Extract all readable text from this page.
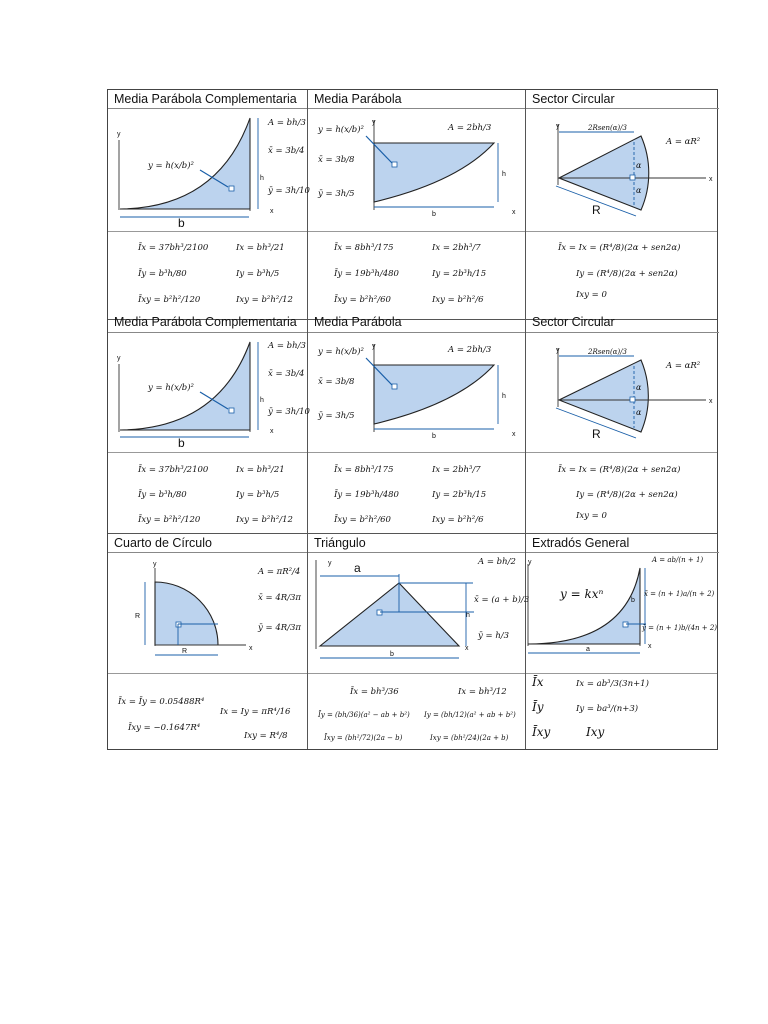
Media Parábola Complementaria
y
y = h(x/b)²
b
h
x
A = bh/3
x̄ = 3b/4
ȳ = 3h/10
Īx = 37bh³/2100	Ix = bh³/21
Īy = b³h/80	Iy = b³h/5
Īxy = b²h²/120	Ixy = b²h²/12
Media Parábola
y
y = h(x/b)²
h
b	x
A = 2bh/3
x̄ = 3b/8
ȳ = 3h/5
Īx = 8bh³/175	Ix = 2bh³/7
Īy = 19b³h/480	Iy = 2b³h/15
Īxy = b²h²/60	Ixy = b²h²/6
Sector Circular
y
x
2Rsen(α)/3
α
α
R
A = αR²
Īx = Ix = (R⁴/8)(2α + sen2α)
Iy = (R⁴/8)(2α + sen2α)
Ixy = 0
Media Parábola Complementaria
y
y = h(x/b)²
b
h
x
A = bh/3
x̄ = 3b/4
ȳ = 3h/10
Īx = 37bh³/2100	Ix = bh³/21
Īy = b³h/80	Iy = b³h/5
Īxy = b²h²/120	Ixy = b²h²/12
Media Parábola
y
y = h(x/b)²
h
b	x
A = 2bh/3
x̄ = 3b/8
ȳ = 3h/5
Īx = 8bh³/175	Ix = 2bh³/7
Īy = 19b³h/480	Iy = 2b³h/15
Īxy = b²h²/60	Ixy = b²h²/6
Sector Circular
y
x
2Rsen(α)/3
α
α
R
A = αR²
Īx = Ix = (R⁴/8)(2α + sen2α)
Iy = (R⁴/8)(2α + sen2α)
Ixy = 0
Cuarto de Círculo
y
x
R
R
A = πR²/4
x̄ = 4R/3π
ȳ = 4R/3π
Īx = Īy = 0.05488R⁴
Ix = Iy = πR⁴/16
Īxy = −0.1647R⁴
Ixy = R⁴/8
Triángulo
y a
h
b
x
A = bh/2
x̄ = (a + b)/3
ȳ = h/3
Īx = bh³/36	Ix = bh³/12
Īy = (bh/36)(a² − ab + b²) Iy = (bh/12)(a² + ab + b²)
Īxy = (bh²/72)(2a − b)	Ixy = (bh²/24)(2a + b)
Extradós General
y
a
b
x
y = kxⁿ
A = ab/(n + 1)
x̄ = (n + 1)a/(n + 2)
ȳ = (n + 1)b/(4n + 2)
Īx	Ix = ab³/3(3n+1)
Īy	Iy = ba³/(n+3)
Īxy	Ixy
